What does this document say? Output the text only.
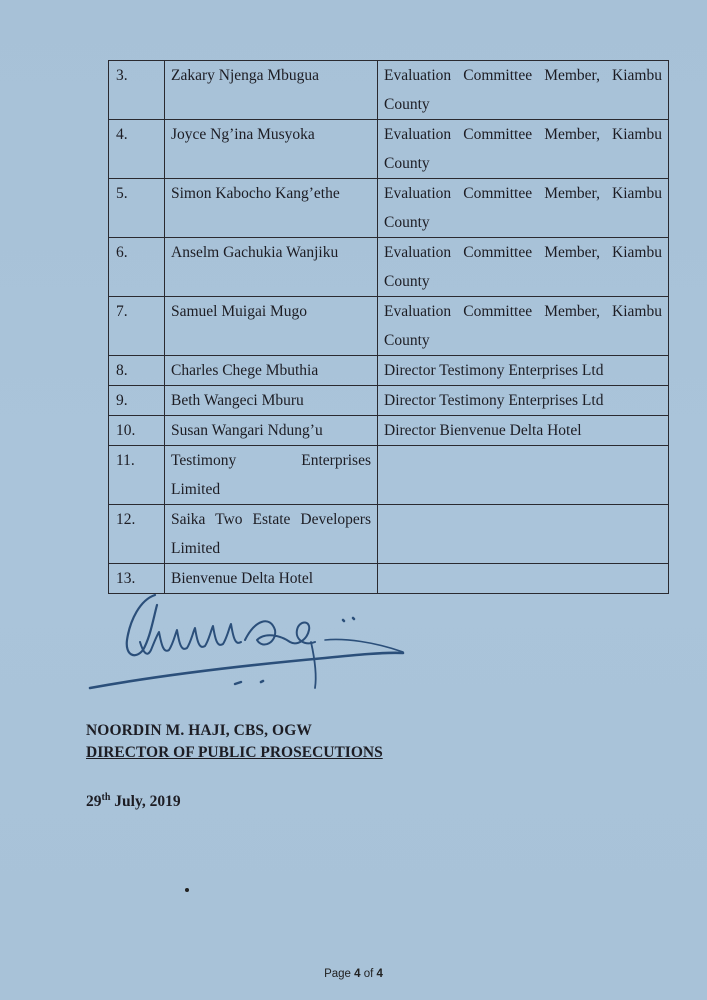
3.	Zakary Njenga Mbugua	Evaluation Committee Member, Kiambu
County

4.	Joyce Ng’ina Musyoka	Evaluation Committee Member, Kiambu
County

5.	Simon Kabocho Kang’ethe	Evaluation Committee Member, Kiambu
County

6.	Anselm Gachukia Wanjiku	Evaluation Committee Member, Kiambu
County

7.	Samuel Muigai Mugo	Evaluation Committee Member, Kiambu
County

8.	Charles Chege Mbuthia	Director Testimony Enterprises Ltd

9.	Beth Wangeci Mburu	Director Testimony Enterprises Ltd

10.	Susan Wangari Ndung’u	Director Bienvenue Delta Hotel

11.	Testimony Enterprises
Limited

12.	Saika Two Estate Developers
Limited

13.	Bienvenue Delta Hotel	
NOORDIN M. HAJI, CBS, OGW
DIRECTOR OF PUBLIC PROSECUTIONS
29th July, 2019
Page 4 of 4
